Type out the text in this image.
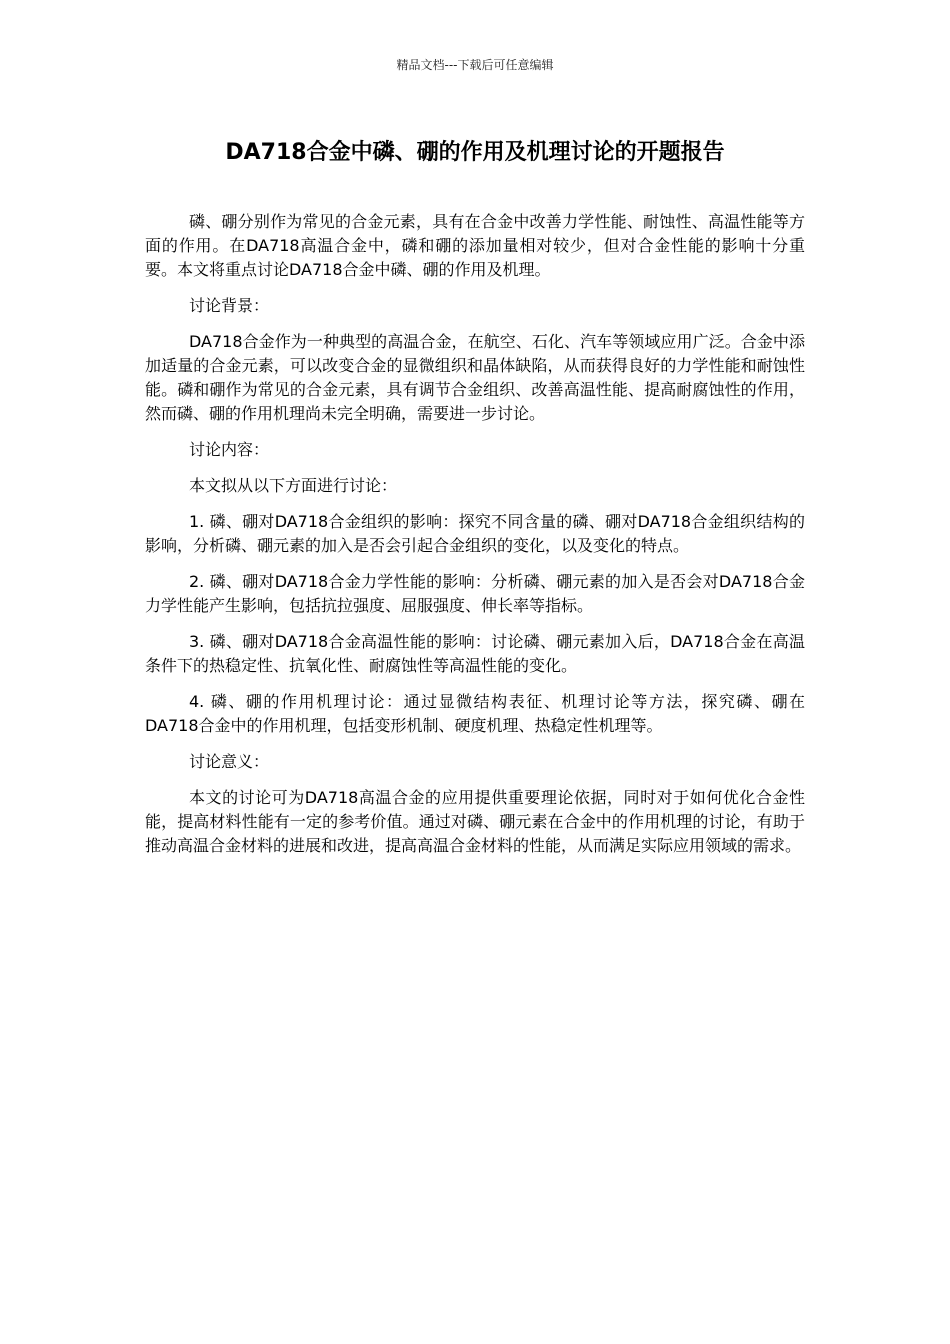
精品文档---下载后可任意编辑
DA718合金中磷、硼的作用及机理讨论的开题报告

磷、硼分别作为常见的合金元素，具有在合金中改善力学性能、耐蚀性、高温性能等方面的作用。在DA718高温合金中，磷和硼的添加量相对较少，但对合金性能的影响十分重要。本文将重点讨论DA718合金中磷、硼的作用及机理。

讨论背景：

DA718合金作为一种典型的高温合金，在航空、石化、汽车等领域应用广泛。合金中添加适量的合金元素，可以改变合金的显微组织和晶体缺陷，从而获得良好的力学性能和耐蚀性能。磷和硼作为常见的合金元素，具有调节合金组织、改善高温性能、提高耐腐蚀性的作用，然而磷、硼的作用机理尚未完全明确，需要进一步讨论。

讨论内容：

本文拟从以下方面进行讨论：

1. 磷、硼对DA718合金组织的影响：探究不同含量的磷、硼对DA718合金组织结构的影响，分析磷、硼元素的加入是否会引起合金组织的变化，以及变化的特点。

2. 磷、硼对DA718合金力学性能的影响：分析磷、硼元素的加入是否会对DA718合金力学性能产生影响，包括抗拉强度、屈服强度、伸长率等指标。

3. 磷、硼对DA718合金高温性能的影响：讨论磷、硼元素加入后，DA718合金在高温条件下的热稳定性、抗氧化性、耐腐蚀性等高温性能的变化。

4. 磷、硼的作用机理讨论：通过显微结构表征、机理讨论等方法，探究磷、硼在DA718合金中的作用机理，包括变形机制、硬度机理、热稳定性机理等。

讨论意义：

本文的讨论可为DA718高温合金的应用提供重要理论依据，同时对于如何优化合金性能，提高材料性能有一定的参考价值。通过对磷、硼元素在合金中的作用机理的讨论，有助于推动高温合金材料的进展和改进，提高高温合金材料的性能，从而满足实际应用领域的需求。
